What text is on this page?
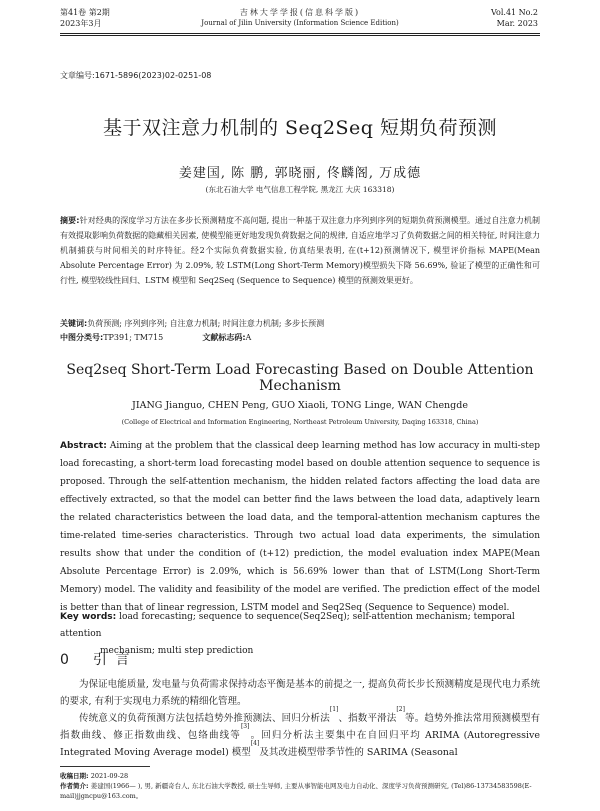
第41卷 第2期
2023年3月
吉林大学学报(信息科学版)
Journal of Jilin University (Information Science Edition)
Vol.41 No.2
Mar. 2023
文章编号:1671-5896(2023)02-0251-08
基于双注意力机制的 Seq2Seq 短期负荷预测
姜建国, 陈 鹏, 郭晓丽, 佟麟阁, 万成德
(东北石油大学 电气信息工程学院, 黑龙江 大庆 163318)
摘要:针对经典的深度学习方法在多步长预测精度不高问题, 提出一种基于双注意力序列到序列的短期负荷预测模型。通过自注意力机制有效提取影响负荷数据的隐藏相关因素, 使模型能更好地发现负荷数据之间的规律, 自适应地学习了负荷数据之间的相关特征, 时间注意力机制捕获与时间相关的时序特征。经2个实际负荷数据实验, 仿真结果表明, 在(t+12)预测情况下, 模型评价指标 MAPE(Mean Absolute Percentage Error) 为 2.09%, 较 LSTM(Long Short-Term Memory)模型损失下降 56.69%, 验证了模型的正确性和可行性, 模型较线性回归、LSTM 模型和 Seq2Seq (Sequence to Sequence) 模型的预测效果更好。
关键词:负荷预测; 序列到序列; 自注意力机制; 时间注意力机制; 多步长预测
中图分类号:TP391; TM715	文献标志码:A
Seq2seq Short-Term Load Forecasting Based on Double Attention Mechanism
JIANG Jianguo, CHEN Peng, GUO Xiaoli, TONG Linge, WAN Chengde
(College of Electrical and Information Engineering, Northeast Petroleum University, Daqing 163318, China)
Abstract: Aiming at the problem that the classical deep learning method has low accuracy in multi-step load forecasting, a short-term load forecasting model based on double attention sequence to sequence is proposed. Through the self-attention mechanism, the hidden related factors affecting the load data are effectively extracted, so that the model can better find the laws between the load data, adaptively learn the related characteristics between the load data, and the temporal-attention mechanism captures the time-related time-series characteristics. Through two actual load data experiments, the simulation results show that under the condition of (t+12) prediction, the model evaluation index MAPE(Mean Absolute Percentage Error) is 2.09%, which is 56.69% lower than that of LSTM(Long Short-Term Memory) model. The validity and feasibility of the model are verified. The prediction effect of the model is better than that of linear regression, LSTM model and Seq2Seq (Sequence to Sequence) model.
Key words: load forecasting; sequence to sequence(Seq2Seq); self-attention mechanism; temporal attention
mechanism; multi step prediction
0 引 言

为保证电能质量, 发电量与负荷需求保持动态平衡是基本的前提之一, 提高负荷长步长预测精度是现代电力系统的要求, 有利于实现电力系统的精细化管理。

传统意义的负荷预测方法包括趋势外推预测法、回归分析法[1]、指数平滑法[2]等。趋势外推法常用预测模型有指数曲线、修正指数曲线、包络曲线等[3]。回归分析法主要集中在自回归平均 ARIMA (Autoregressive Integrated Moving Average model) 模型[4]及其改进模型带季节性的 SARIMA (Seasonal

收稿日期: 2021-09-28
作者简介: 姜建国(1966— ), 男, 新疆奇台人, 东北石油大学教授, 硕士生导师, 主要从事智能电网及电力自动化、深度学习负荷预测研究, (Tel)86-13734583598(E-mail)jjgncpu@163.com。
